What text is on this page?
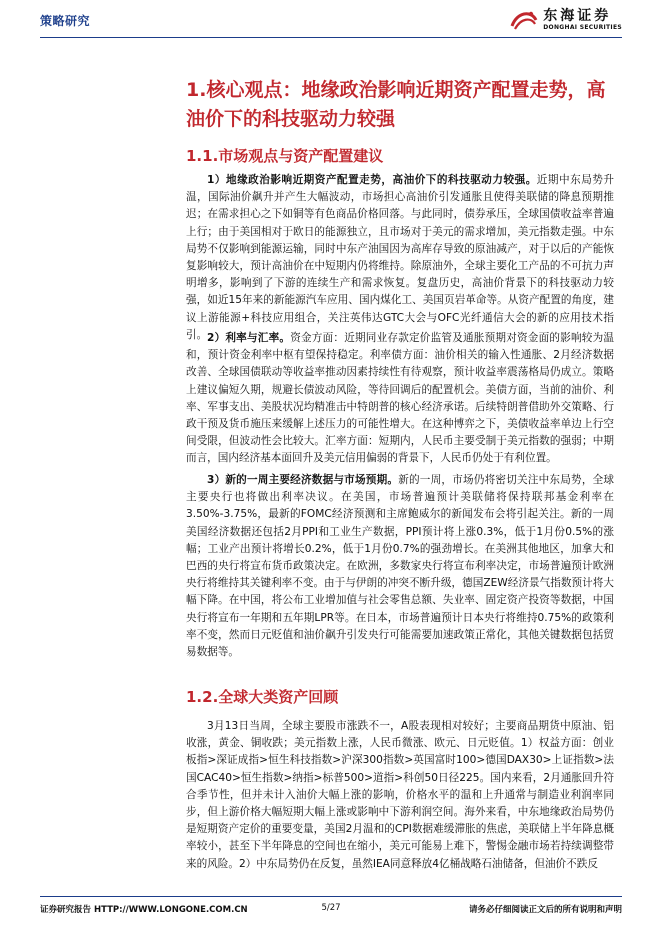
策略研究	东海证券
DONGHAI SECURITIES
1.核心观点：地缘政治影响近期资产配置走势，高油价下的科技驱动力较强
1.1.市场观点与资产配置建议
1）地缘政治影响近期资产配置走势，高油价下的科技驱动力较强。近期中东局势升温，国际油价飙升并产生大幅波动，市场担心高油价引发通胀且使得美联储的降息预期推迟；在需求担心之下如铜等有色商品价格回落。与此同时，债券承压，全球国债收益率普遍上行；由于美国相对于欧日的能源独立，且市场对于美元的需求增加，美元指数走强。中东局势不仅影响到能源运输，同时中东产油国因为高库存导致的原油减产，对于以后的产能恢复影响较大，预计高油价在中短期内仍将维持。除原油外，全球主要化工产品的不可抗力声明增多，影响到了下游的连续生产和需求恢复。复盘历史，高油价背景下的科技驱动力较强，如近15年来的新能源汽车应用、国内煤化工、美国页岩革命等。从资产配置的角度，建议上游能源+科技应用组合，关注英伟达GTC大会与OFC光纤通信大会的新的应用技术指引。 2）利率与汇率。资金方面：近期同业存款定价监管及通胀预期对资金面的影响较为温和，预计资金利率中枢有望保持稳定。利率债方面：油价相关的输入性通胀、2月经济数据改善、全球国债联动等收益率推动因素持续性有待观察，预计收益率震荡格局仍成立。策略上建议偏短久期，规避长债波动风险，等待回调后的配置机会。美债方面，当前的油价、利率、军事支出、美股状况均精准击中特朗普的核心经济承诺。后续特朗普借助外交策略、行政干预及货币施压来缓解上述压力的可能性增大。在这种博弈之下，美债收益率单边上行空间受限，但波动性会比较大。汇率方面：短期内，人民币主要受制于美元指数的强弱；中期而言，国内经济基本面回升及美元信用偏弱的背景下，人民币仍处于有利位置。
3）新的一周主要经济数据与市场预期。新的一周，市场仍将密切关注中东局势，全球主要央行也将做出利率决议。在美国，市场普遍预计美联储将保持联邦基金利率在3.50%-3.75%，最新的FOMC经济预测和主席鲍威尔的新闻发布会将引起关注。新的一周美国经济数据还包括2月PPI和工业生产数据，PPI预计将上涨0.3%，低于1月份0.5%的涨幅；工业产出预计将增长0.2%，低于1月份0.7%的强劲增长。在美洲其他地区，加拿大和巴西的央行将宣布货币政策决定。在欧洲，多数家央行将宣布利率决定，市场普遍预计欧洲央行将维持其关键利率不变。由于与伊朗的冲突不断升级，德国ZEW经济景气指数预计将大幅下降。在中国，将公布工业增加值与社会零售总额、失业率、固定资产投资等数据，中国央行将宣布一年期和五年期LPR等。在日本，市场普遍预计日本央行将维持0.75%的政策利率不变，然而日元贬值和油价飙升引发央行可能需要加速政策正常化，其他关键数据包括贸易数据等。
1.2.全球大类资产回顾
3月13日当周，全球主要股市涨跌不一，A股表现相对较好；主要商品期货中原油、铝收涨，黄金、铜收跌；美元指数上涨，人民币微涨、欧元、日元贬值。1）权益方面：创业板指>深证成指>恒生科技指数>沪深300指数>英国富时100>德国DAX30>上证指数>法国CAC40>恒生指数>纳指>标普500>道指>科创50日径225。国内来看，2月通胀回升符合季节性，但并未计入油价大幅上涨的影响，价格水平的温和上升通常与制造业利润率同步，但上游价格大幅短期大幅上涨或影响中下游利润空间。海外来看，中东地缘政治局势仍是短期资产定价的重要变量，美国2月温和的CPI数据难缓滞胀的焦虑，美联储上半年降息概率较小，甚至下半年降息的空间也在缩小，美元可能易上难下，警惕金融市场若持续调整带来的风险。2）中东局势仍在反复，虽然IEA同意释放4亿桶战略石油储备，但油价不跌反
证券研究报告 HTTP://WWW.LONGONE.COM.CN	5/27	请务必仔细阅读正文后的所有说明和声明
